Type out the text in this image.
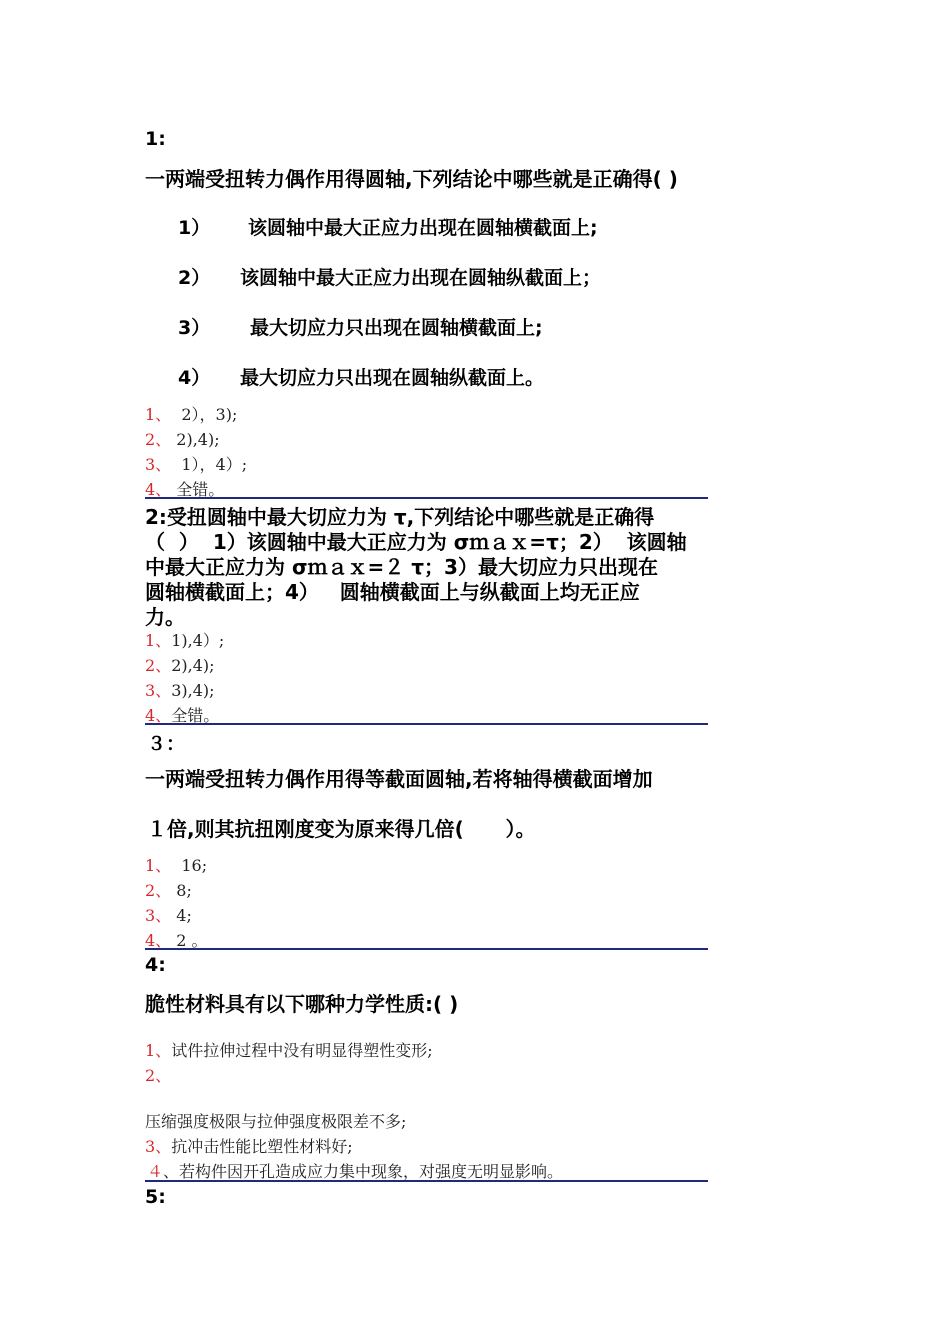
1:
一两端受扭转力偶作用得圆轴,下列结论中哪些就是正确得( )
1） 该圆轴中最大正应力出现在圆轴横截面上;
2） 该圆轴中最大正应力出现在圆轴纵截面上；
3） 最大切应力只出现在圆轴横截面上;
4） 最大切应力只出现在圆轴纵截面上。
1、  2），3);
2、 2),4);
3、  1），4）;
4、 全错。
2:受扭圆轴中最大切应力为 τ,下列结论中哪些就是正确得
（  ）  1）该圆轴中最大正应力为 σｍａｘ=τ；2）  该圆轴
中最大正应力为 σｍａｘ=２ τ；3）最大切应力只出现在
圆轴横截面上；4）   圆轴横截面上与纵截面上均无正应
力。
1、1),4）;
2、2),4);
3、3),4);
4、全错。
３：
一两端受扭转力偶作用得等截面圆轴,若将轴得横截面增加
１倍,则其抗扭刚度变为原来得几倍(      ）。
1、  16;
2、 8;
3、 4;
4、 2 。
4:
脆性材料具有以下哪种力学性质:( )
1、试件拉伸过程中没有明显得塑性变形;
2、
压缩强度极限与拉伸强度极限差不多;
3、抗冲击性能比塑性材料好;
４、若构件因开孔造成应力集中现象，对强度无明显影响。
5:
